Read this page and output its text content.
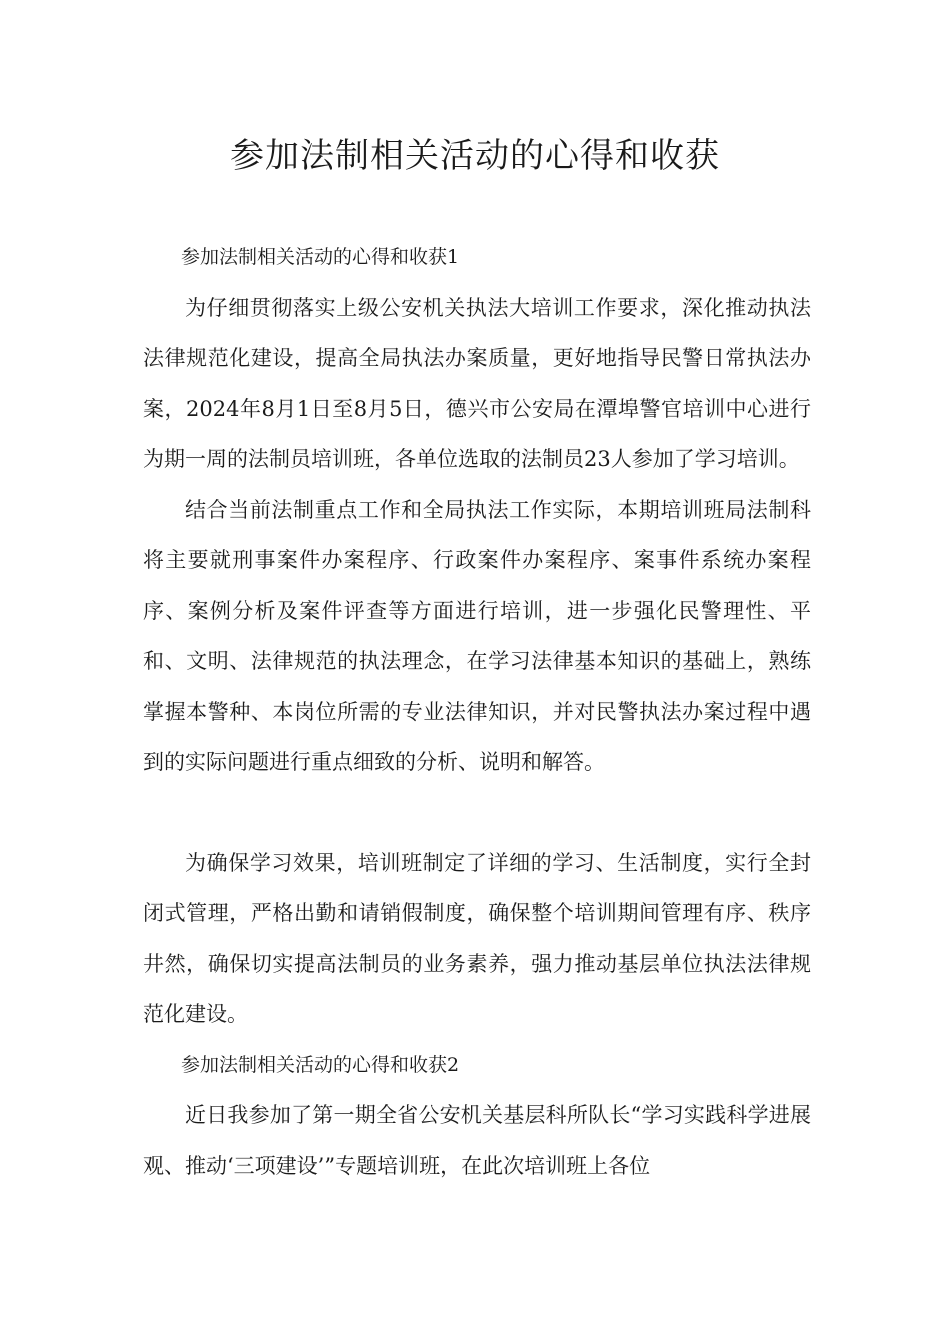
参加法制相关活动的心得和收获

参加法制相关活动的心得和收获1

为仔细贯彻落实上级公安机关执法大培训工作要求，深化推动执法法律规范化建设，提高全局执法办案质量，更好地指导民警日常执法办案，2024年8月1日至8月5日，德兴市公安局在潭埠警官培训中心进行为期一周的法制员培训班，各单位选取的法制员23人参加了学习培训。

结合当前法制重点工作和全局执法工作实际，本期培训班局法制科将主要就刑事案件办案程序、行政案件办案程序、案事件系统办案程序、案例分析及案件评查等方面进行培训，进一步强化民警理性、平和、文明、法律规范的执法理念，在学习法律基本知识的基础上，熟练掌握本警种、本岗位所需的专业法律知识，并对民警执法办案过程中遇到的实际问题进行重点细致的分析、说明和解答。

为确保学习效果，培训班制定了详细的学习、生活制度，实行全封闭式管理，严格出勤和请销假制度，确保整个培训期间管理有序、秩序井然，确保切实提高法制员的业务素养，强力推动基层单位执法法律规范化建设。

参加法制相关活动的心得和收获2

近日我参加了第一期全省公安机关基层科所队长“学习实践科学进展观、推动‘三项建设’”专题培训班，在此次培训班上各位
